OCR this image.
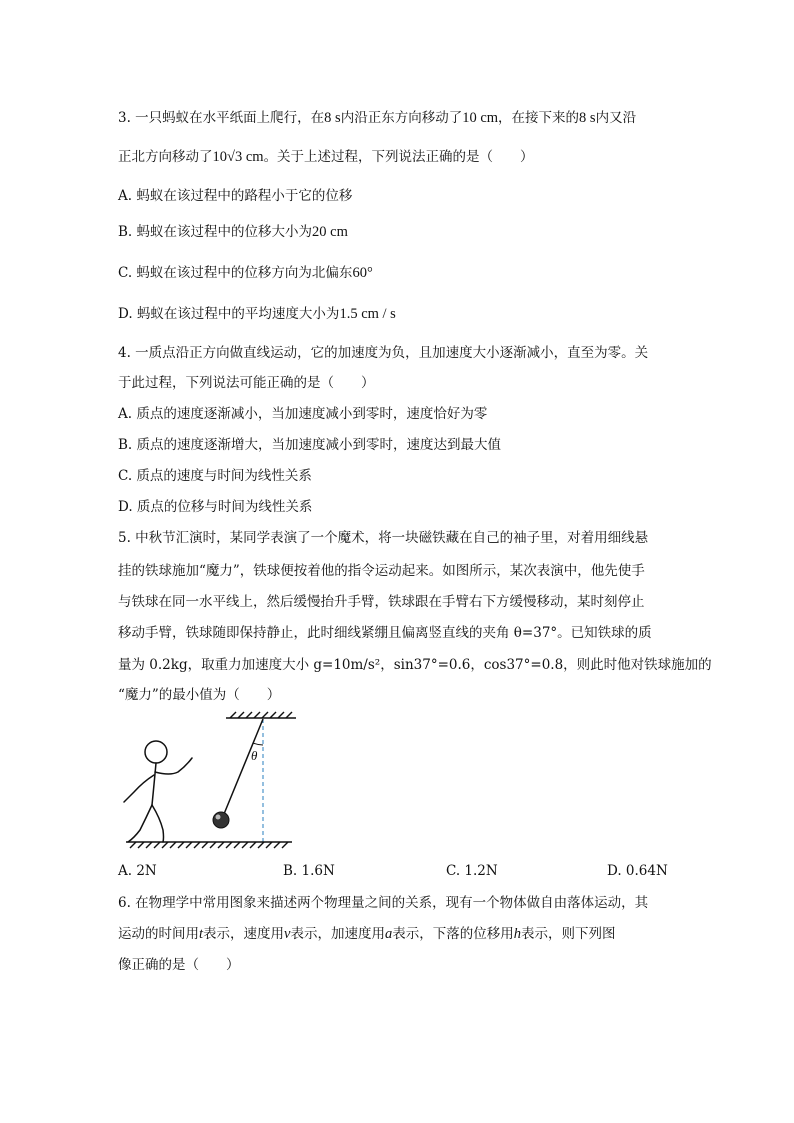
3. 一只蚂蚁在水平纸面上爬行，在8 s内沿正东方向移动了10 cm，在接下来的8 s内又沿
正北方向移动了10√3 cm。关于上述过程，下列说法正确的是（　　）
A. 蚂蚁在该过程中的路程小于它的位移
B. 蚂蚁在该过程中的位移大小为20 cm
C. 蚂蚁在该过程中的位移方向为北偏东60°
D. 蚂蚁在该过程中的平均速度大小为1.5 cm / s
4. 一质点沿正方向做直线运动，它的加速度为负，且加速度大小逐渐减小，直至为零。关
于此过程，下列说法可能正确的是（　　）
A. 质点的速度逐渐减小，当加速度减小到零时，速度恰好为零
B. 质点的速度逐渐增大，当加速度减小到零时，速度达到最大值
C. 质点的速度与时间为线性关系
D. 质点的位移与时间为线性关系
5. 中秋节汇演时，某同学表演了一个魔术，将一块磁铁藏在自己的袖子里，对着用细线悬
挂的铁球施加“魔力”，铁球便按着他的指令运动起来。如图所示，某次表演中，他先使手
与铁球在同一水平线上，然后缓慢抬升手臂，铁球跟在手臂右下方缓慢移动，某时刻停止
移动手臂，铁球随即保持静止，此时细线紧绷且偏离竖直线的夹角 θ=37°。已知铁球的质
量为 0.2kg，取重力加速度大小 g=10m/s²，sin37°=0.6，cos37°=0.8，则此时他对铁球施加的
“魔力”的最小值为（　　）
θ
A. 2N	B. 1.6N	C. 1.2N	D. 0.64N
6. 在物理学中常用图象来描述两个物理量之间的关系，现有一个物体做自由落体运动，其
运动的时间用t表示，速度用v表示，加速度用a表示，下落的位移用h表示，则下列图
像正确的是（　　）
